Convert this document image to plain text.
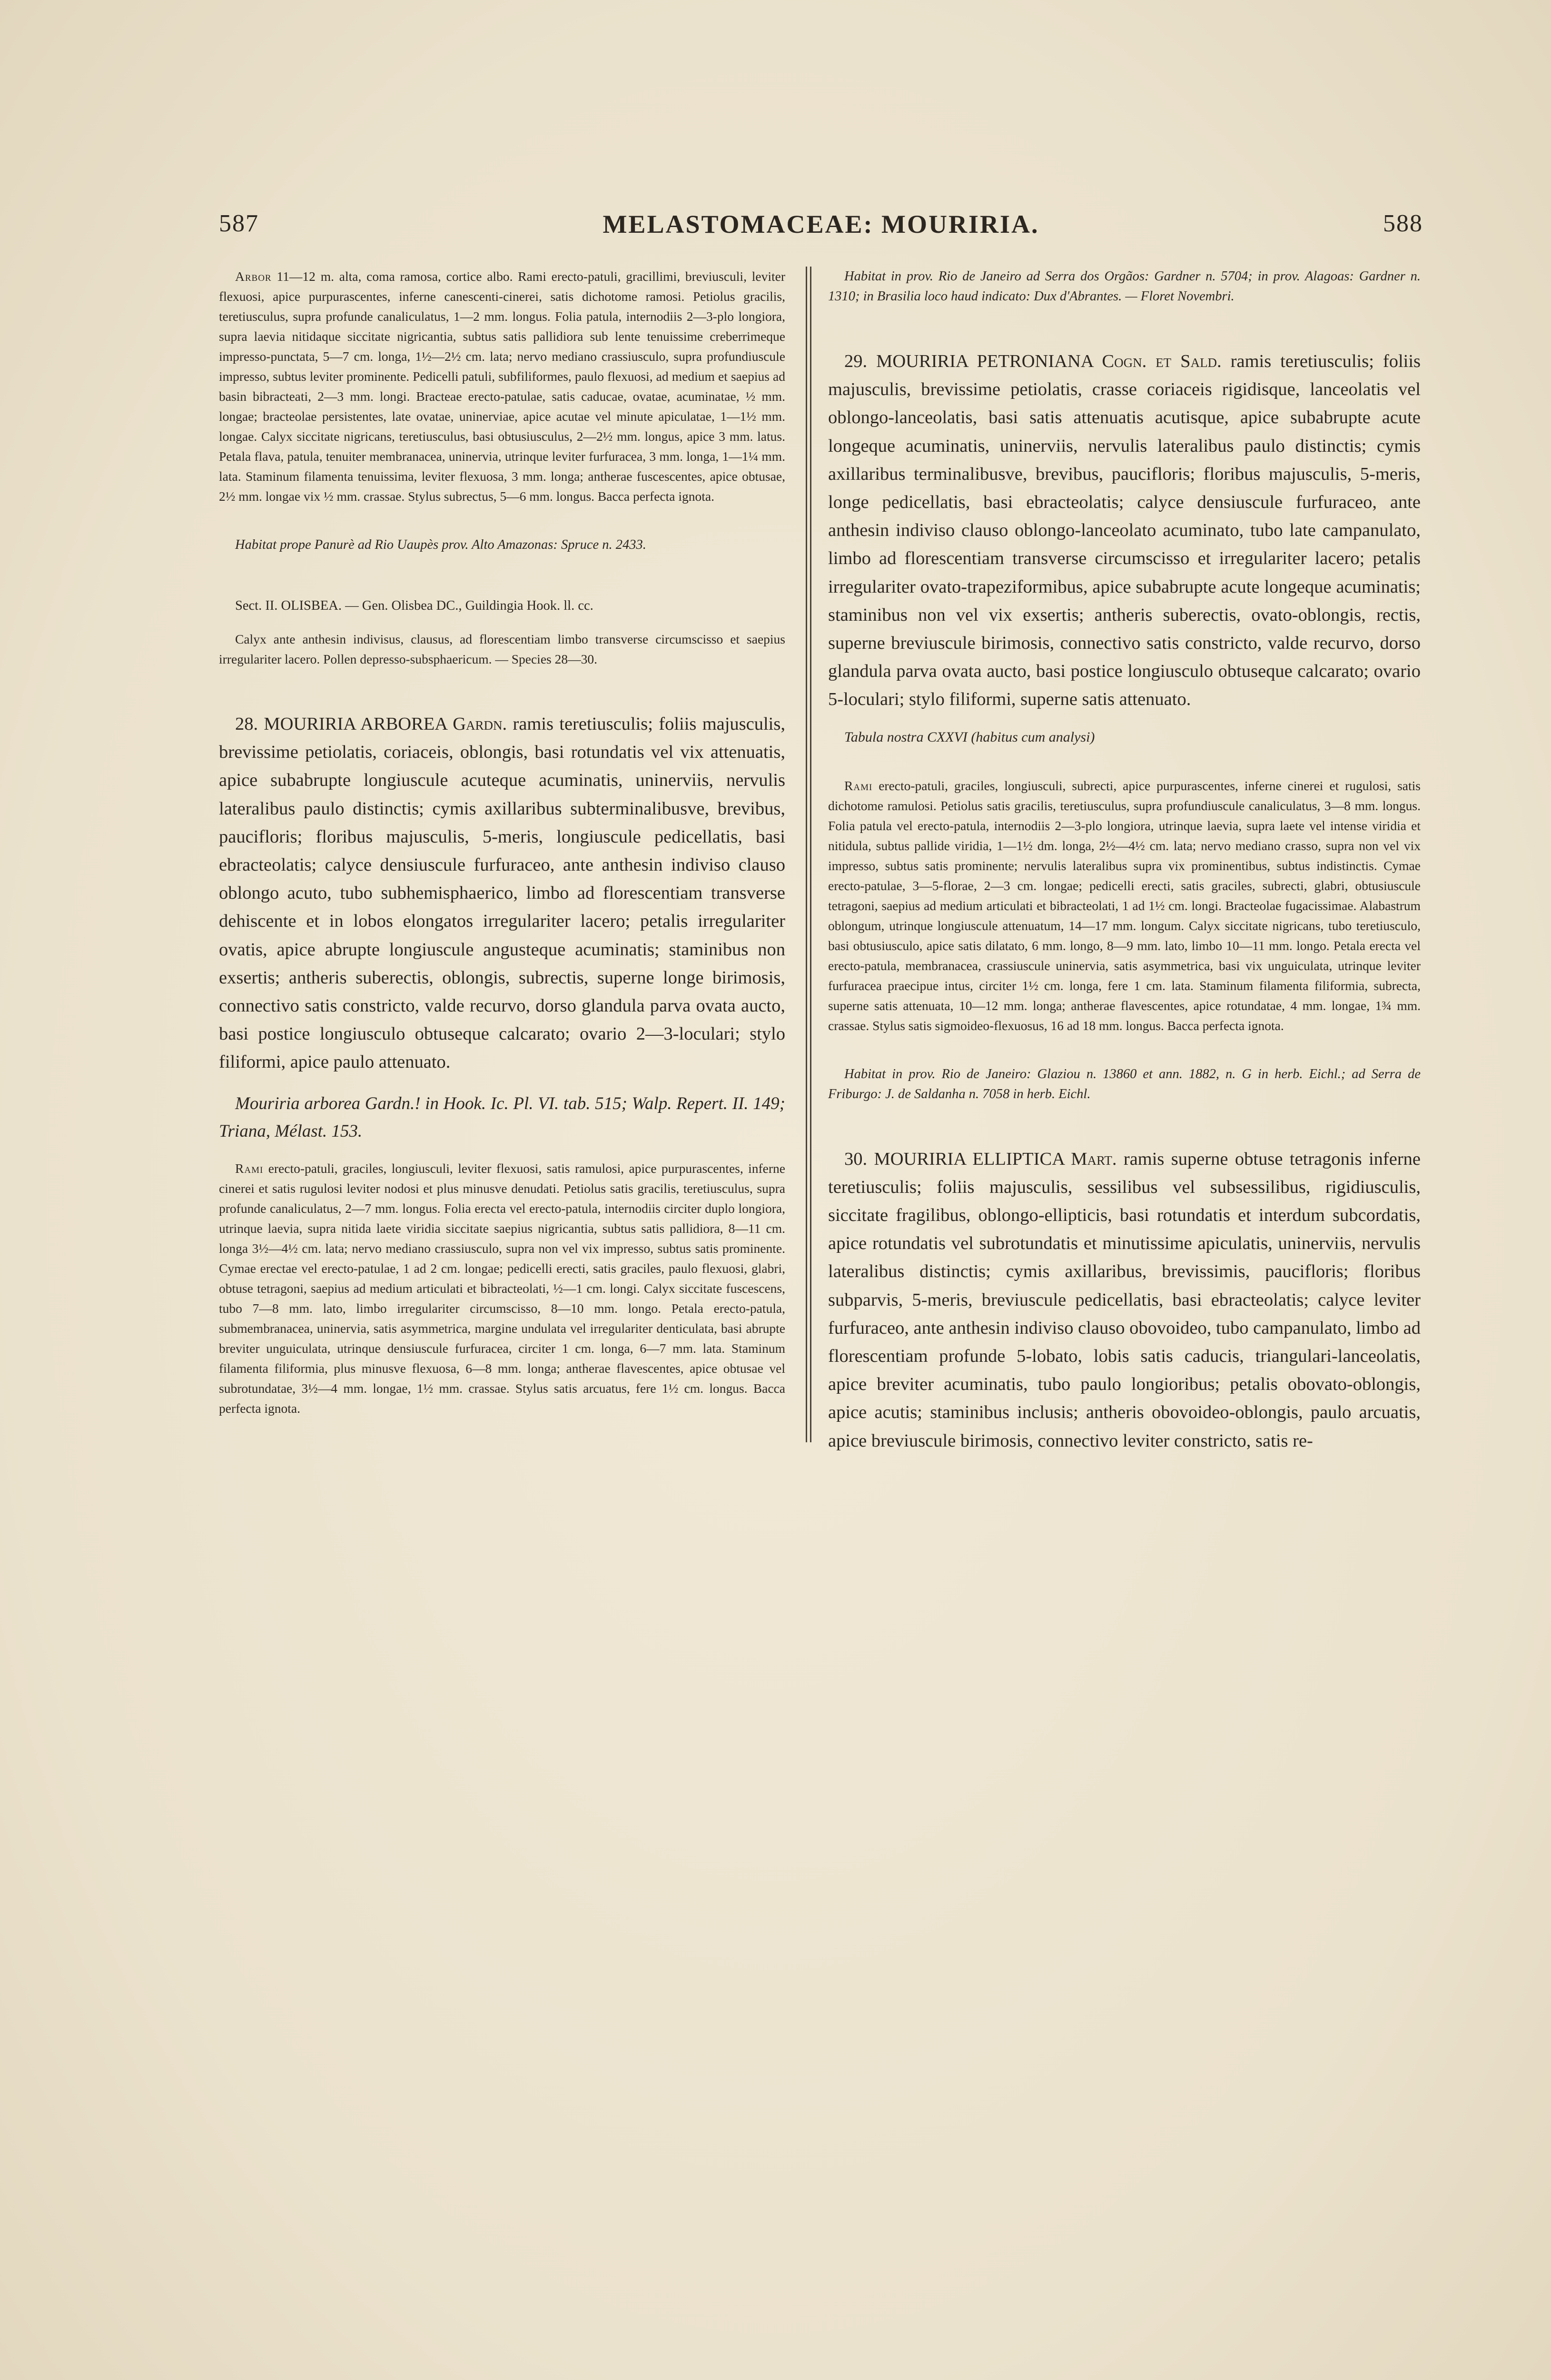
587	MELASTOMACEAE: MOURIRIA.	588

Arbor 11—12 m. alta, coma ramosa, cortice albo. Rami erecto-patuli, gracillimi, breviusculi, leviter flexuosi, apice purpurascentes, inferne canescenti-cinerei, satis dichotome ramosi. Petiolus gracilis, teretiusculus, supra profunde canaliculatus, 1—2 mm. longus. Folia patula, internodiis 2—3-plo longiora, supra laevia nitidaque siccitate nigricantia, subtus satis pallidiora sub lente tenuissime creberrimeque impresso-punctata, 5—7 cm. longa, 1½—2½ cm. lata; nervo mediano crassiusculo, supra profundiuscule impresso, subtus leviter prominente. Pedicelli patuli, subfiliformes, paulo flexuosi, ad medium et saepius ad basin bibracteati, 2—3 mm. longi. Bracteae erecto-patulae, satis caducae, ovatae, acuminatae, ½ mm. longae; bracteolae persistentes, late ovatae, uninerviae, apice acutae vel minute apiculatae, 1—1½ mm. longae. Calyx siccitate nigricans, teretiusculus, basi obtusiusculus, 2—2½ mm. longus, apice 3 mm. latus. Petala flava, patula, tenuiter membranacea, uninervia, utrinque leviter furfuracea, 3 mm. longa, 1—1¼ mm. lata. Staminum filamenta tenuissima, leviter flexuosa, 3 mm. longa; antherae fuscescentes, apice obtusae, 2½ mm. longae vix ½ mm. crassae. Stylus subrectus, 5—6 mm. longus. Bacca perfecta ignota.

Habitat prope Panurè ad Rio Uaupès prov. Alto Amazonas: Spruce n. 2433.

Sect. II. OLISBEA. — Gen. Olisbea DC., Guildingia Hook. ll. cc.

Calyx ante anthesin indivisus, clausus, ad florescentiam limbo transverse circumscisso et saepius irregulariter lacero. Pollen depresso-subsphaericum. — Species 28—30.

28. MOURIRIA ARBOREA Gardn. ramis teretiusculis; foliis majusculis, brevissime petiolatis, coriaceis, oblongis, basi rotundatis vel vix attenuatis, apice subabrupte longiuscule acuteque acuminatis, uninerviis, nervulis lateralibus paulo distinctis; cymis axillaribus subterminalibusve, brevibus, paucifloris; floribus majusculis, 5-meris, longiuscule pedicellatis, basi ebracteolatis; calyce densiuscule furfuraceo, ante anthesin indiviso clauso oblongo acuto, tubo subhemisphaerico, limbo ad florescentiam transverse dehiscente et in lobos elongatos irregulariter lacero; petalis irregulariter ovatis, apice abrupte longiuscule angusteque acuminatis; staminibus non exsertis; antheris suberectis, oblongis, subrectis, superne longe birimosis, connectivo satis constricto, valde recurvo, dorso glandula parva ovata aucto, basi postice longiusculo obtuseque calcarato; ovario 2—3-loculari; stylo filiformi, apice paulo attenuato.

Mouriria arborea Gardn.! in Hook. Ic. Pl. VI. tab. 515; Walp. Repert. II. 149; Triana, Mélast. 153.

Rami erecto-patuli, graciles, longiusculi, leviter flexuosi, satis ramulosi, apice purpurascentes, inferne cinerei et satis rugulosi leviter nodosi et plus minusve denudati. Petiolus satis gracilis, teretiusculus, supra profunde canaliculatus, 2—7 mm. longus. Folia erecta vel erecto-patula, internodiis circiter duplo longiora, utrinque laevia, supra nitida laete viridia siccitate saepius nigricantia, subtus satis pallidiora, 8—11 cm. longa 3½—4½ cm. lata; nervo mediano crassiusculo, supra non vel vix impresso, subtus satis prominente. Cymae erectae vel erecto-patulae, 1 ad 2 cm. longae; pedicelli erecti, satis graciles, paulo flexuosi, glabri, obtuse tetragoni, saepius ad medium articulati et bibracteolati, ½—1 cm. longi. Calyx siccitate fuscescens, tubo 7—8 mm. lato, limbo irregulariter circumscisso, 8—10 mm. longo. Petala erecto-patula, submembranacea, uninervia, satis asymmetrica, margine undulata vel irregulariter denticulata, basi abrupte breviter unguiculata, utrinque densiuscule furfuracea, circiter 1 cm. longa, 6—7 mm. lata. Staminum filamenta filiformia, plus minusve flexuosa, 6—8 mm. longa; antherae flavescentes, apice obtusae vel subrotundatae, 3½—4 mm. longae, 1½ mm. crassae. Stylus satis arcuatus, fere 1½ cm. longus. Bacca perfecta ignota.

Habitat in prov. Rio de Janeiro ad Serra dos Orgãos: Gardner n. 5704; in prov. Alagoas: Gardner n. 1310; in Brasilia loco haud indicato: Dux d'Abrantes. — Floret Novembri.

29. MOURIRIA PETRONIANA Cogn. et Sald. ramis teretiusculis; foliis majusculis, brevissime petiolatis, crasse coriaceis rigidisque, lanceolatis vel oblongo-lanceolatis, basi satis attenuatis acutisque, apice subabrupte acute longeque acuminatis, uninerviis, nervulis lateralibus paulo distinctis; cymis axillaribus terminalibusve, brevibus, paucifloris; floribus majusculis, 5-meris, longe pedicellatis, basi ebracteolatis; calyce densiuscule furfuraceo, ante anthesin indiviso clauso oblongo-lanceolato acuminato, tubo late campanulato, limbo ad florescentiam transverse circumscisso et irregulariter lacero; petalis irregulariter ovato-trapeziformibus, apice subabrupte acute longeque acuminatis; staminibus non vel vix exsertis; antheris suberectis, ovato-oblongis, rectis, superne breviuscule birimosis, connectivo satis constricto, valde recurvo, dorso glandula parva ovata aucto, basi postice longiusculo obtuseque calcarato; ovario 5-loculari; stylo filiformi, superne satis attenuato.

Tabula nostra CXXVI (habitus cum analysi)

Rami erecto-patuli, graciles, longiusculi, subrecti, apice purpurascentes, inferne cinerei et rugulosi, satis dichotome ramulosi. Petiolus satis gracilis, teretiusculus, supra profundiuscule canaliculatus, 3—8 mm. longus. Folia patula vel erecto-patula, internodiis 2—3-plo longiora, utrinque laevia, supra laete vel intense viridia et nitidula, subtus pallide viridia, 1—1½ dm. longa, 2½—4½ cm. lata; nervo mediano crasso, supra non vel vix impresso, subtus satis prominente; nervulis lateralibus supra vix prominentibus, subtus indistinctis. Cymae erecto-patulae, 3—5-florae, 2—3 cm. longae; pedicelli erecti, satis graciles, subrecti, glabri, obtusiuscule tetragoni, saepius ad medium articulati et bibracteolati, 1 ad 1½ cm. longi. Bracteolae fugacissimae. Alabastrum oblongum, utrinque longiuscule attenuatum, 14—17 mm. longum. Calyx siccitate nigricans, tubo teretiusculo, basi obtusiusculo, apice satis dilatato, 6 mm. longo, 8—9 mm. lato, limbo 10—11 mm. longo. Petala erecta vel erecto-patula, membranacea, crassiuscule uninervia, satis asymmetrica, basi vix unguiculata, utrinque leviter furfuracea praecipue intus, circiter 1½ cm. longa, fere 1 cm. lata. Staminum filamenta filiformia, subrecta, superne satis attenuata, 10—12 mm. longa; antherae flavescentes, apice rotundatae, 4 mm. longae, 1¾ mm. crassae. Stylus satis sigmoideo-flexuosus, 16 ad 18 mm. longus. Bacca perfecta ignota.

Habitat in prov. Rio de Janeiro: Glaziou n. 13860 et ann. 1882, n. G in herb. Eichl.; ad Serra de Friburgo: J. de Saldanha n. 7058 in herb. Eichl.

30. MOURIRIA ELLIPTICA Mart. ramis superne obtuse tetragonis inferne teretiusculis; foliis majusculis, sessilibus vel subsessilibus, rigidiusculis, siccitate fragilibus, oblongo-ellipticis, basi rotundatis et interdum subcordatis, apice rotundatis vel subrotundatis et minutissime apiculatis, uninerviis, nervulis lateralibus distinctis; cymis axillaribus, brevissimis, paucifloris; floribus subparvis, 5-meris, breviuscule pedicellatis, basi ebracteolatis; calyce leviter furfuraceo, ante anthesin indiviso clauso obovoideo, tubo campanulato, limbo ad florescentiam profunde 5-lobato, lobis satis caducis, triangulari-lanceolatis, apice breviter acuminatis, tubo paulo longioribus; petalis obovato-oblongis, apice acutis; staminibus inclusis; antheris obovoideo-oblongis, paulo arcuatis, apice breviuscule birimosis, connectivo leviter constricto, satis re-
